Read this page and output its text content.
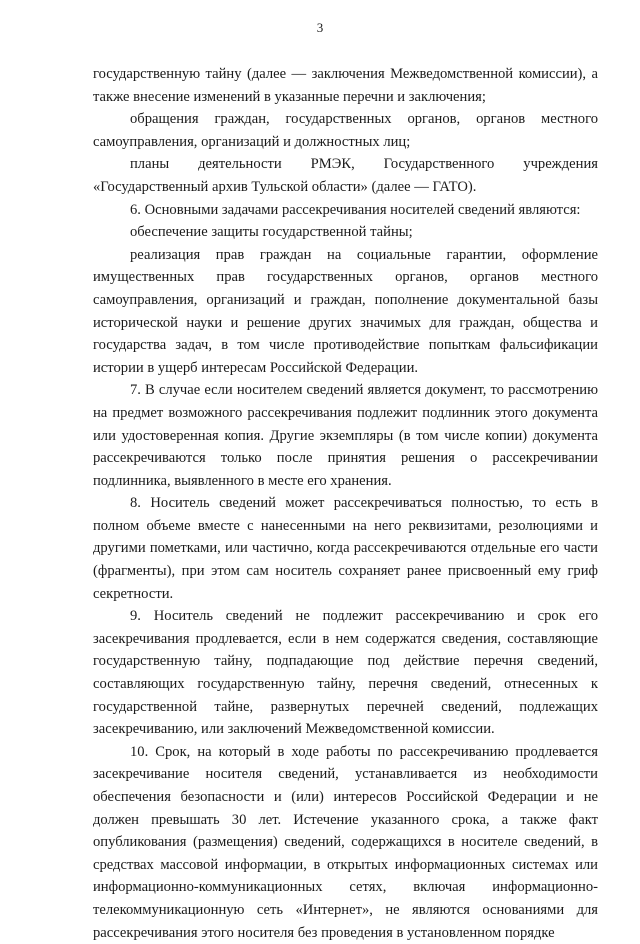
3

государственную тайну (далее — заключения Межведомственной комиссии), а также внесение изменений в указанные перечни и заключения;

обращения граждан, государственных органов, органов местного самоуправления, организаций и должностных лиц;

планы деятельности РМЭК, Государственного учреждения «Государственный архив Тульской области» (далее — ГАТО).

6. Основными задачами рассекречивания носителей сведений являются:

обеспечение защиты государственной тайны;

реализация прав граждан на социальные гарантии, оформление имущественных прав государственных органов, органов местного самоуправления, организаций и граждан, пополнение документальной базы исторической науки и решение других значимых для граждан, общества и государства задач, в том числе противодействие попыткам фальсификации истории в ущерб интересам Российской Федерации.

7. В случае если носителем сведений является документ, то рассмотрению на предмет возможного рассекречивания подлежит подлинник этого документа или удостоверенная копия. Другие экземпляры (в том числе копии) документа рассекречиваются только после принятия решения о рассекречивании подлинника, выявленного в месте его хранения.

8. Носитель сведений может рассекречиваться полностью, то есть в полном объеме вместе с нанесенными на него реквизитами, резолюциями и другими пометками, или частично, когда рассекречиваются отдельные его части (фрагменты), при этом сам носитель сохраняет ранее присвоенный ему гриф секретности.

9. Носитель сведений не подлежит рассекречиванию и срок его засекречивания продлевается, если в нем содержатся сведения, составляющие государственную тайну, подпадающие под действие перечня сведений, составляющих государственную тайну, перечня сведений, отнесенных к государственной тайне, развернутых перечней сведений, подлежащих засекречиванию, или заключений Межведомственной комиссии.

10. Срок, на который в ходе работы по рассекречиванию продлевается засекречивание носителя сведений, устанавливается из необходимости обеспечения безопасности и (или) интересов Российской Федерации и не должен превышать 30 лет. Истечение указанного срока, а также факт опубликования (размещения) сведений, содержащихся в носителе сведений, в средствах массовой информации, в открытых информационных системах или информационно-коммуникационных сетях, включая информационно-телекоммуникационную сеть «Интернет», не являются основаниями для рассекречивания этого носителя без проведения в установленном порядке
